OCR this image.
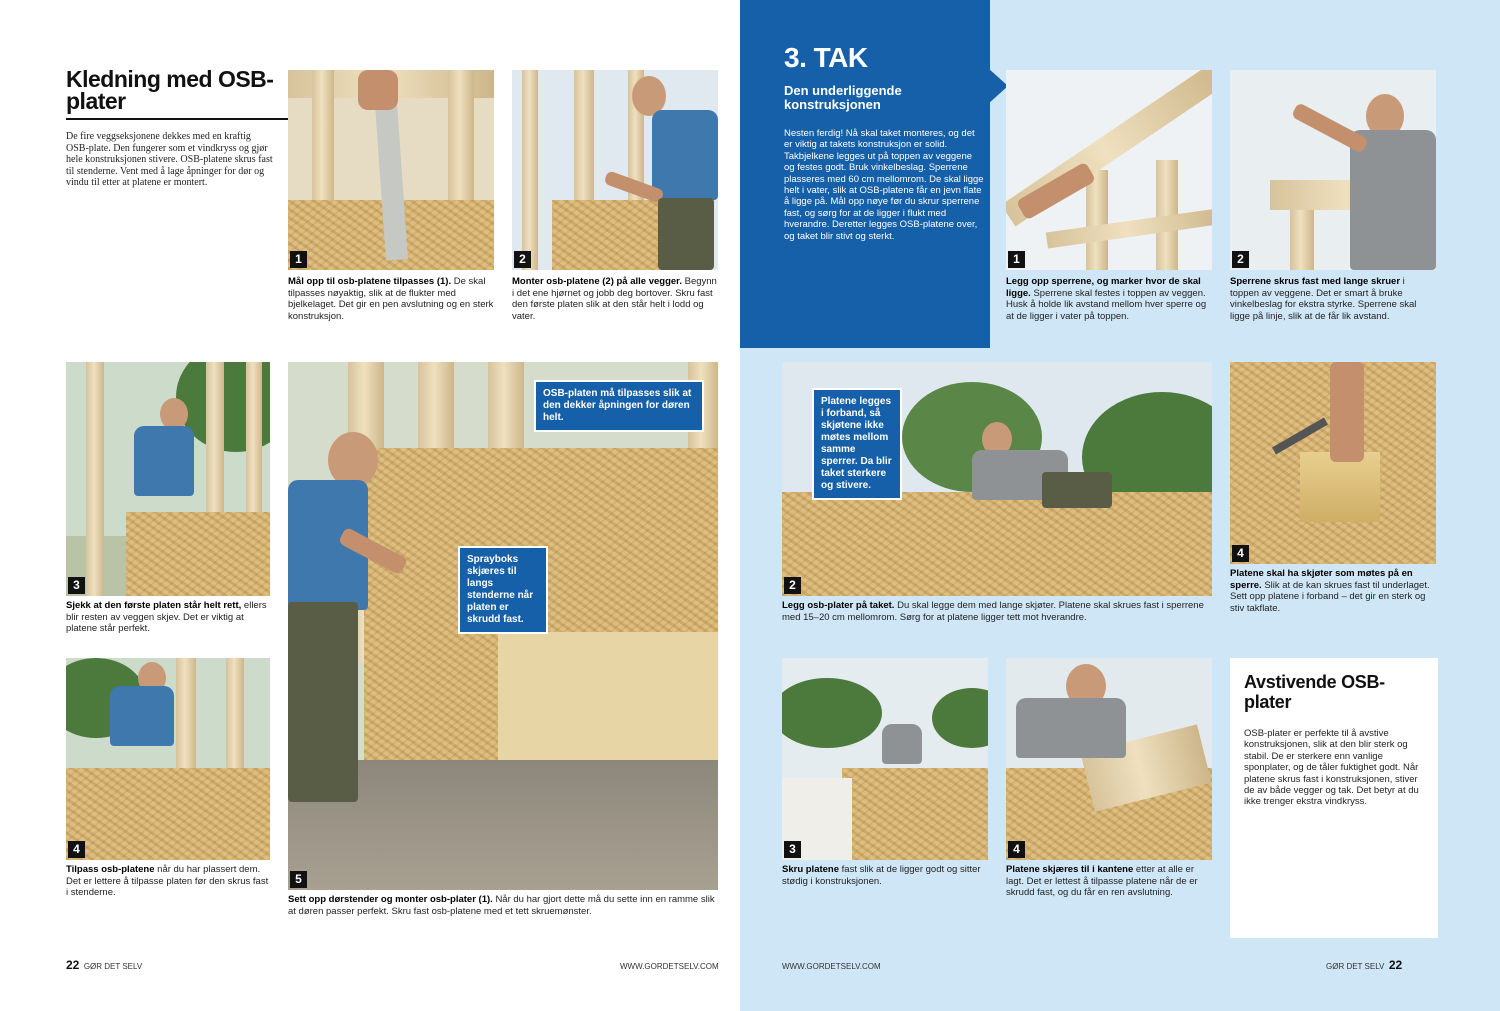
Kledning med OSB-plater
De fire veggseksjonene dekkes med en kraftig OSB-plate. Den fungerer som et vindkryss og gjør hele konstruksjonen stivere. OSB-platene skrus fast til stenderne. Vent med å lage åpninger for dør og vindu til etter at platene er montert.
1
Mål opp til osb-platene tilpasses (1). De skal tilpasses nøyaktig, slik at de flukter med bjelkelaget. Det gir en pen avslutning og en sterk konstruksjon.
2
Monter osb-platene (2) på alle vegger. Begynn i det ene hjørnet og jobb deg bortover. Skru fast den første platen slik at den står helt i lodd og vater.
3
Sjekk at den første platen står helt rett, ellers blir resten av veggen skjev. Det er viktig at platene står perfekt.
4
Tilpass osb-platene når du har plassert dem. Det er lettere å tilpasse platen før den skrus fast i stenderne.
5
OSB-platen må tilpasses slik at den dekker åpningen for døren helt.
Sprayboks skjæres til langs stenderne når platen er skrudd fast.
Sett opp dørstender og monter osb-plater (1). Når du har gjort dette må du sette inn en ramme slik at døren passer perfekt. Skru fast osb-platene med et tett skruemønster.
22 GØR DET SELV	WWW.GORDETSELV.COM
3. TAK
Den underliggende konstruksjonen
Nesten ferdig! Nå skal taket monteres, og det er viktig at takets konstruksjon er solid. Takbjelkene legges ut på toppen av veggene og festes godt. Bruk vinkelbeslag. Sperrene plasseres med 60 cm mellomrom. De skal ligge helt i vater, slik at OSB-platene får en jevn flate å ligge på. Mål opp nøye før du skrur sperrene fast, og sørg for at de ligger i flukt med hverandre. Deretter legges OSB-platene over, og taket blir stivt og sterkt.
1
Legg opp sperrene, og marker hvor de skal ligge. Sperrene skal festes i toppen av veggen. Husk å holde lik avstand mellom hver sperre og at de ligger i vater på toppen.
2
Sperrene skrus fast med lange skruer i toppen av veggene. Det er smart å bruke vinkelbeslag for ekstra styrke. Sperrene skal ligge på linje, slik at de får lik avstand.
2
Platene legges i forband, så skjøtene ikke møtes mellom samme sperrer. Da blir taket sterkere og stivere.
Legg osb-plater på taket. Du skal legge dem med lange skjøter. Platene skal skrues fast i sperrene med 15–20 cm mellomrom. Sørg for at platene ligger tett mot hverandre.
4
Platene skal ha skjøter som møtes på en sperre. Slik at de kan skrues fast til underlaget. Sett opp platene i forband – det gir en sterk og stiv takflate.
3
Skru platene fast slik at de ligger godt og sitter stødig i konstruksjonen.
4
Platene skjæres til i kantene etter at alle er lagt. Det er lettest å tilpasse platene når de er skrudd fast, og du får en ren avslutning.
Avstivende OSB-plater
OSB-plater er perfekte til å avstive konstruksjonen, slik at den blir sterk og stabil. De er sterkere enn vanlige sponplater, og de tåler fuktighet godt. Når platene skrus fast i konstruksjonen, stiver de av både vegger og tak. Det betyr at du ikke trenger ekstra vindkryss.
WWW.GORDETSELV.COM	GØR DET SELV 22
